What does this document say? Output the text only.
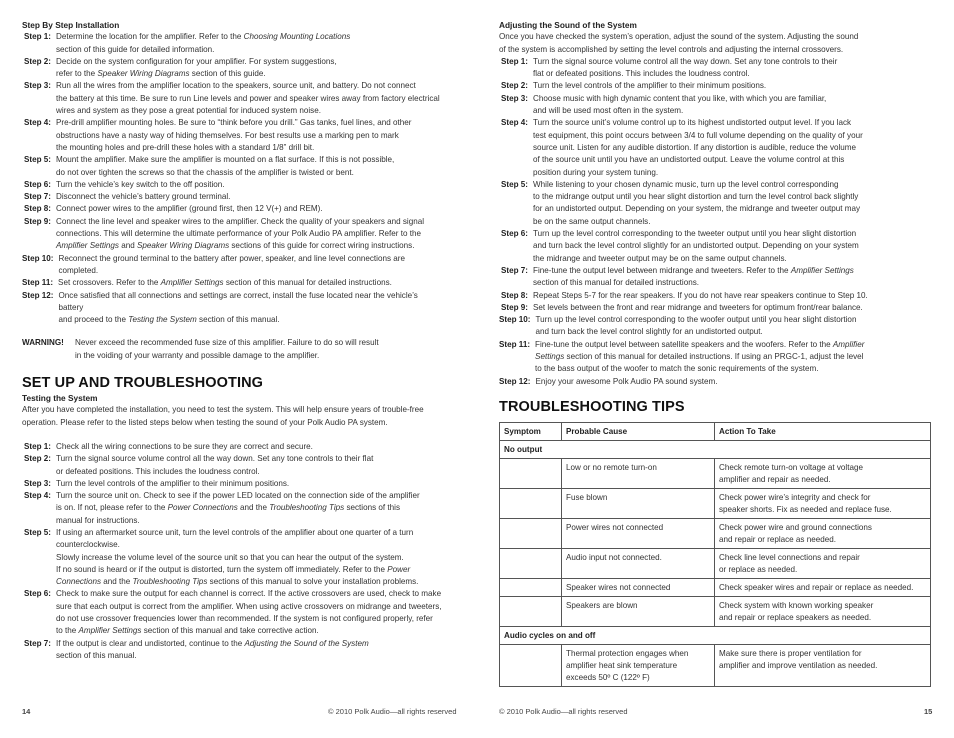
Step By Step Installation
Step 1: Determine the location for the amplifier. Refer to the Choosing Mounting Locations
section of this guide for detailed information.
Step 2: Decide on the system configuration for your amplifier. For system suggestions,
refer to the Speaker Wiring Diagrams section of this guide.
Step 3: Run all the wires from the amplifier location to the speakers, source unit, and battery. Do not connect
the battery at this time. Be sure to run Line levels and power and speaker wires away from factory electrical
wires and system as they pose a great potential for induced system noise.
Step 4: Pre-drill amplifier mounting holes. Be sure to “think before you drill.” Gas tanks, fuel lines, and other
obstructions have a nasty way of hiding themselves. For best results use a marking pen to mark
the mounting holes and pre-drill these holes with a standard 1/8” drill bit.
Step 5: Mount the amplifier. Make sure the amplifier is mounted on a flat surface. If this is not possible,
do not over tighten the screws so that the chassis of the amplifier is twisted or bent.
Step 6: Turn the vehicle’s key switch to the off position.
Step 7: Disconnect the vehicle’s battery ground terminal.
Step 8: Connect power wires to the amplifier (ground first, then 12 V(+) and REM).
Step 9: Connect the line level and speaker wires to the amplifier. Check the quality of your speakers and signal
connections. This will determine the ultimate performance of your Polk Audio PA amplifier. Refer to the
Amplifier Settings and Speaker Wiring Diagrams sections of this guide for correct wiring instructions.
Step 10: Reconnect the ground terminal to the battery after power, speaker, and line level connections are completed.
Step 11: Set crossovers. Refer to the Amplifier Settings section of this manual for detailed instructions.
Step 12: Once satisfied that all connections and settings are correct, install the fuse located near the vehicle’s battery
and proceed to the Testing the System section of this manual.
WARNING!	Never exceed the recommended fuse size of this amplifier. Failure to do so will result
in the voiding of your warranty and possible damage to the amplifier.
SET UP AND TROUBLESHOOTING
Testing the System
After you have completed the installation, you need to test the system. This will help ensure years of trouble-free
operation. Please refer to the listed steps below when testing the sound of your Polk Audio PA system.
Step 1: Check all the wiring connections to be sure they are correct and secure.
Step 2: Turn the signal source volume control all the way down. Set any tone controls to their flat
or defeated positions. This includes the loudness control.
Step 3: Turn the level controls of the amplifier to their minimum positions.
Step 4: Turn the source unit on. Check to see if the power LED located on the connection side of the amplifier
is on. If not, please refer to the Power Connections and the Troubleshooting Tips sections of this
manual for instructions.
Step 5: If using an aftermarket source unit, turn the level controls of the amplifier about one quarter of a turn
counterclockwise.
Slowly increase the volume level of the source unit so that you can hear the output of the system.
If no sound is heard or if the output is distorted, turn the system off immediately. Refer to the Power
Connections and the Troubleshooting Tips sections of this manual to solve your installation problems.
Step 6: Check to make sure the output for each channel is correct. If the active crossovers are used, check to make
sure that each output is correct from the amplifier. When using active crossovers on midrange and tweeters,
do not use crossover frequencies lower than recommended. If the system is not configured properly, refer
to the Amplifier Settings section of this manual and take corrective action.
Step 7: If the output is clear and undistorted, continue to the Adjusting the Sound of the System
section of this manual.
14	© 2010 Polk Audio—all rights reserved
Adjusting the Sound of the System
Once you have checked the system’s operation, adjust the sound of the system. Adjusting the sound
of the system is accomplished by setting the level controls and adjusting the internal crossovers.
Step 1: Turn the signal source volume control all the way down. Set any tone controls to their
flat or defeated positions. This includes the loudness control.
Step 2: Turn the level controls of the amplifier to their minimum positions.
Step 3: Choose music with high dynamic content that you like, with which you are familiar,
and will be used most often in the system.
Step 4: Turn the source unit’s volume control up to its highest undistorted output level. If you lack
test equipment, this point occurs between 3/4 to full volume depending on the quality of your
source unit. Listen for any audible distortion. If any distortion is audible, reduce the volume
of the source unit until you have an undistorted output. Leave the volume control at this
position during your system tuning.
Step 5: While listening to your chosen dynamic music, turn up the level control corresponding
to the midrange output until you hear slight distortion and turn the level control back slightly
for an undistorted output. Depending on your system, the midrange and tweeter output may
be on the same output channels.
Step 6: Turn up the level control corresponding to the tweeter output until you hear slight distortion
and turn back the level control slightly for an undistorted output. Depending on your system
the midrange and tweeter output may be on the same output channels.
Step 7: Fine-tune the output level between midrange and tweeters. Refer to the Amplifier Settings
section of this manual for detailed instructions.
Step 8: Repeat Steps 5-7 for the rear speakers. If you do not have rear speakers continue to Step 10.
Step 9: Set levels between the front and rear midrange and tweeters for optimum front/rear balance.
Step 10: Turn up the level control corresponding to the woofer output until you hear slight distortion
and turn back the level control slightly for an undistorted output.
Step 11: Fine-tune the output level between satellite speakers and the woofers. Refer to the Amplifier
Settings section of this manual for detailed instructions. If using an PRGC-1, adjust the level
to the bass output of the woofer to match the sonic requirements of the system.
Step 12: Enjoy your awesome Polk Audio PA sound system.
TROUBLESHOOTING TIPS
Symptom	Probable Cause	Action To Take
No output		
	Low or no remote turn-on	Check remote turn-on voltage at voltage
amplifier and repair as needed.
	Fuse blown	Check power wire’s integrity and check for
speaker shorts. Fix as needed and replace fuse.
	Power wires not connected	Check power wire and ground connections
and repair or replace as needed.
	Audio input not connected.	Check line level connections and repair
or replace as needed.
	Speaker wires not connected	Check speaker wires and repair or replace as needed.
	Speakers are blown	Check system with known working speaker
and repair or replace speakers as needed.
Audio cycles on and off		
	Thermal protection engages when
amplifier heat sink temperature
exceeds 50º C (122º F)	Make sure there is proper ventilation for
amplifier and improve ventilation as needed.
© 2010 Polk Audio—all rights reserved	15
